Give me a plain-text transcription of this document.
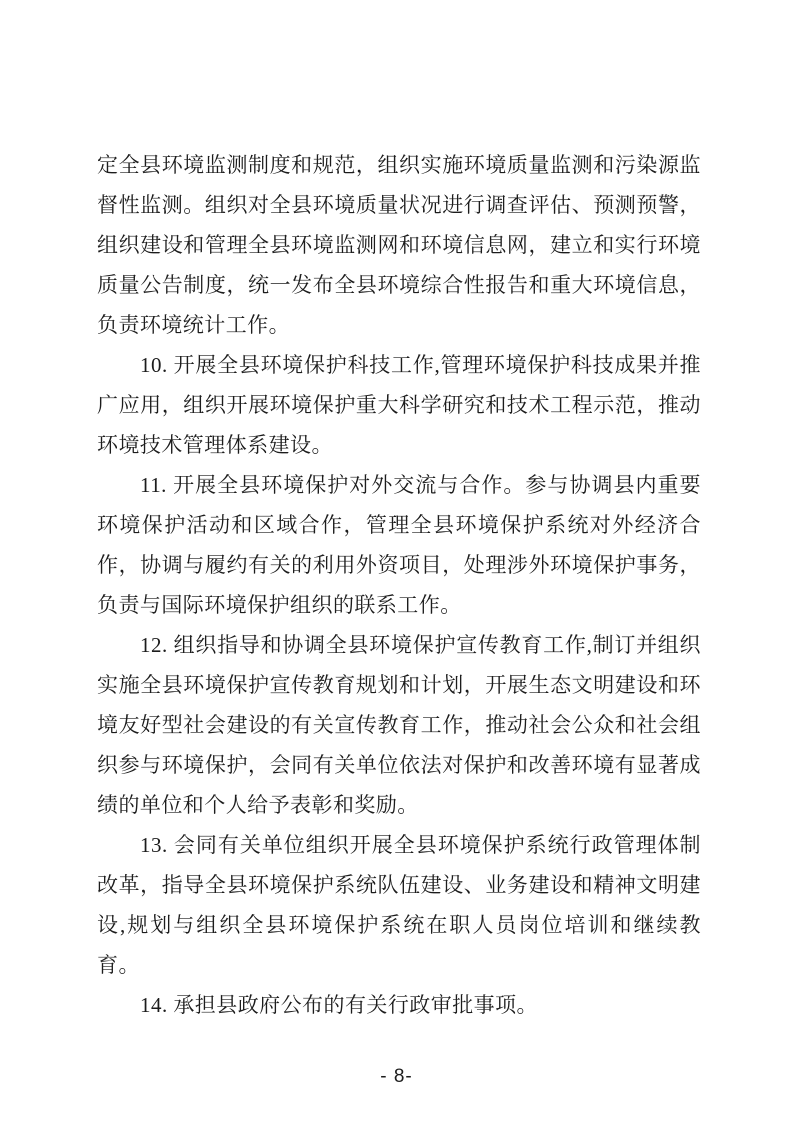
定全县环境监测制度和规范，组织实施环境质量监测和污染源监督性监测。组织对全县环境质量状况进行调查评估、预测预警，组织建设和管理全县环境监测网和环境信息网，建立和实行环境质量公告制度，统一发布全县环境综合性报告和重大环境信息，负责环境统计工作。

10. 开展全县环境保护科技工作,管理环境保护科技成果并推广应用，组织开展环境保护重大科学研究和技术工程示范，推动环境技术管理体系建设。

11. 开展全县环境保护对外交流与合作。参与协调县内重要环境保护活动和区域合作，管理全县环境保护系统对外经济合作，协调与履约有关的利用外资项目，处理涉外环境保护事务，负责与国际环境保护组织的联系工作。

12. 组织指导和协调全县环境保护宣传教育工作,制订并组织实施全县环境保护宣传教育规划和计划，开展生态文明建设和环境友好型社会建设的有关宣传教育工作，推动社会公众和社会组织参与环境保护，会同有关单位依法对保护和改善环境有显著成绩的单位和个人给予表彰和奖励。

13. 会同有关单位组织开展全县环境保护系统行政管理体制改革，指导全县环境保护系统队伍建设、业务建设和精神文明建设,规划与组织全县环境保护系统在职人员岗位培训和继续教育。

14. 承担县政府公布的有关行政审批事项。

- 8-
